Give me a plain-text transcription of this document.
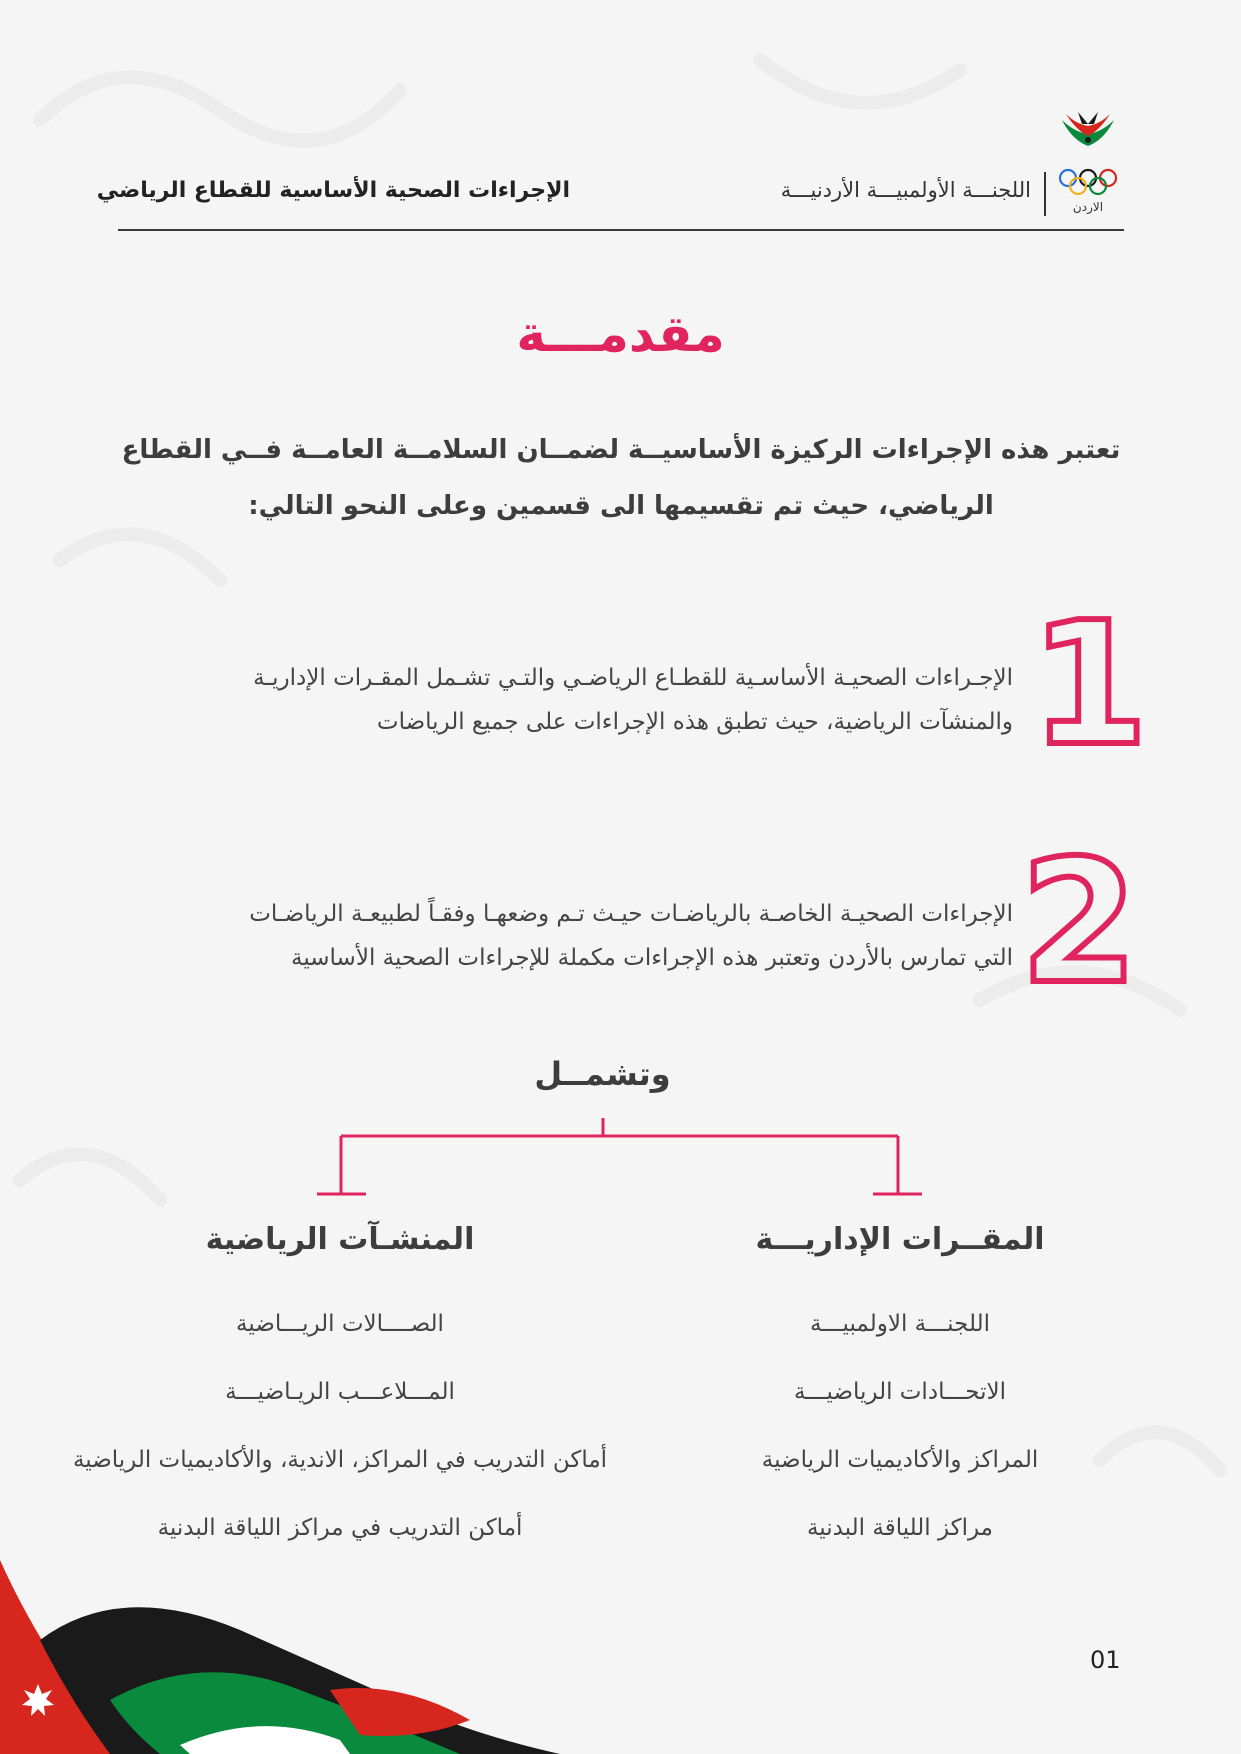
الإجراءات الصحية الأساسية للقطاع الرياضي	اللجنـــة الأولمبيـــة الأردنيـــة
الاردن
مقدمـــة
تعتبر هذه الإجراءات الركيزة الأساسيــة لضمــان السلامــة العامــة فــي القطاع
الرياضي، حيث تم تقسيمها الى قسمين وعلى النحو التالي:
1
الإجـراءات الصحيـة الأساسـية للقطـاع الرياضـي والتـي تشـمل المقـرات الإداريـة
والمنشآت الرياضية، حيث تطبق هذه الإجراءات على جميع الرياضات
2
الإجراءات الصحيـة الخاصـة بالرياضـات حيـث تـم وضعهـا وفقـاً لطبيعـة الرياضـات
التي تمارس بالأردن وتعتبر هذه الإجراءات مكملة للإجراءات الصحية الأساسية
وتشمــل
المقــرات الإداريـــة
اللجنـــة الاولمبيـــة
الاتحـــادات الرياضيـــة
المراكز والأكاديميات الرياضية
مراكز اللياقة البدنية
المنشـآت الرياضية
الصــــالات الريـــاضية
المـــلاعـــب الريـاضيـــة
أماكن التدريب في المراكز، الاندية، والأكاديميات الرياضية
أماكن التدريب في مراكز اللياقة البدنية
01
